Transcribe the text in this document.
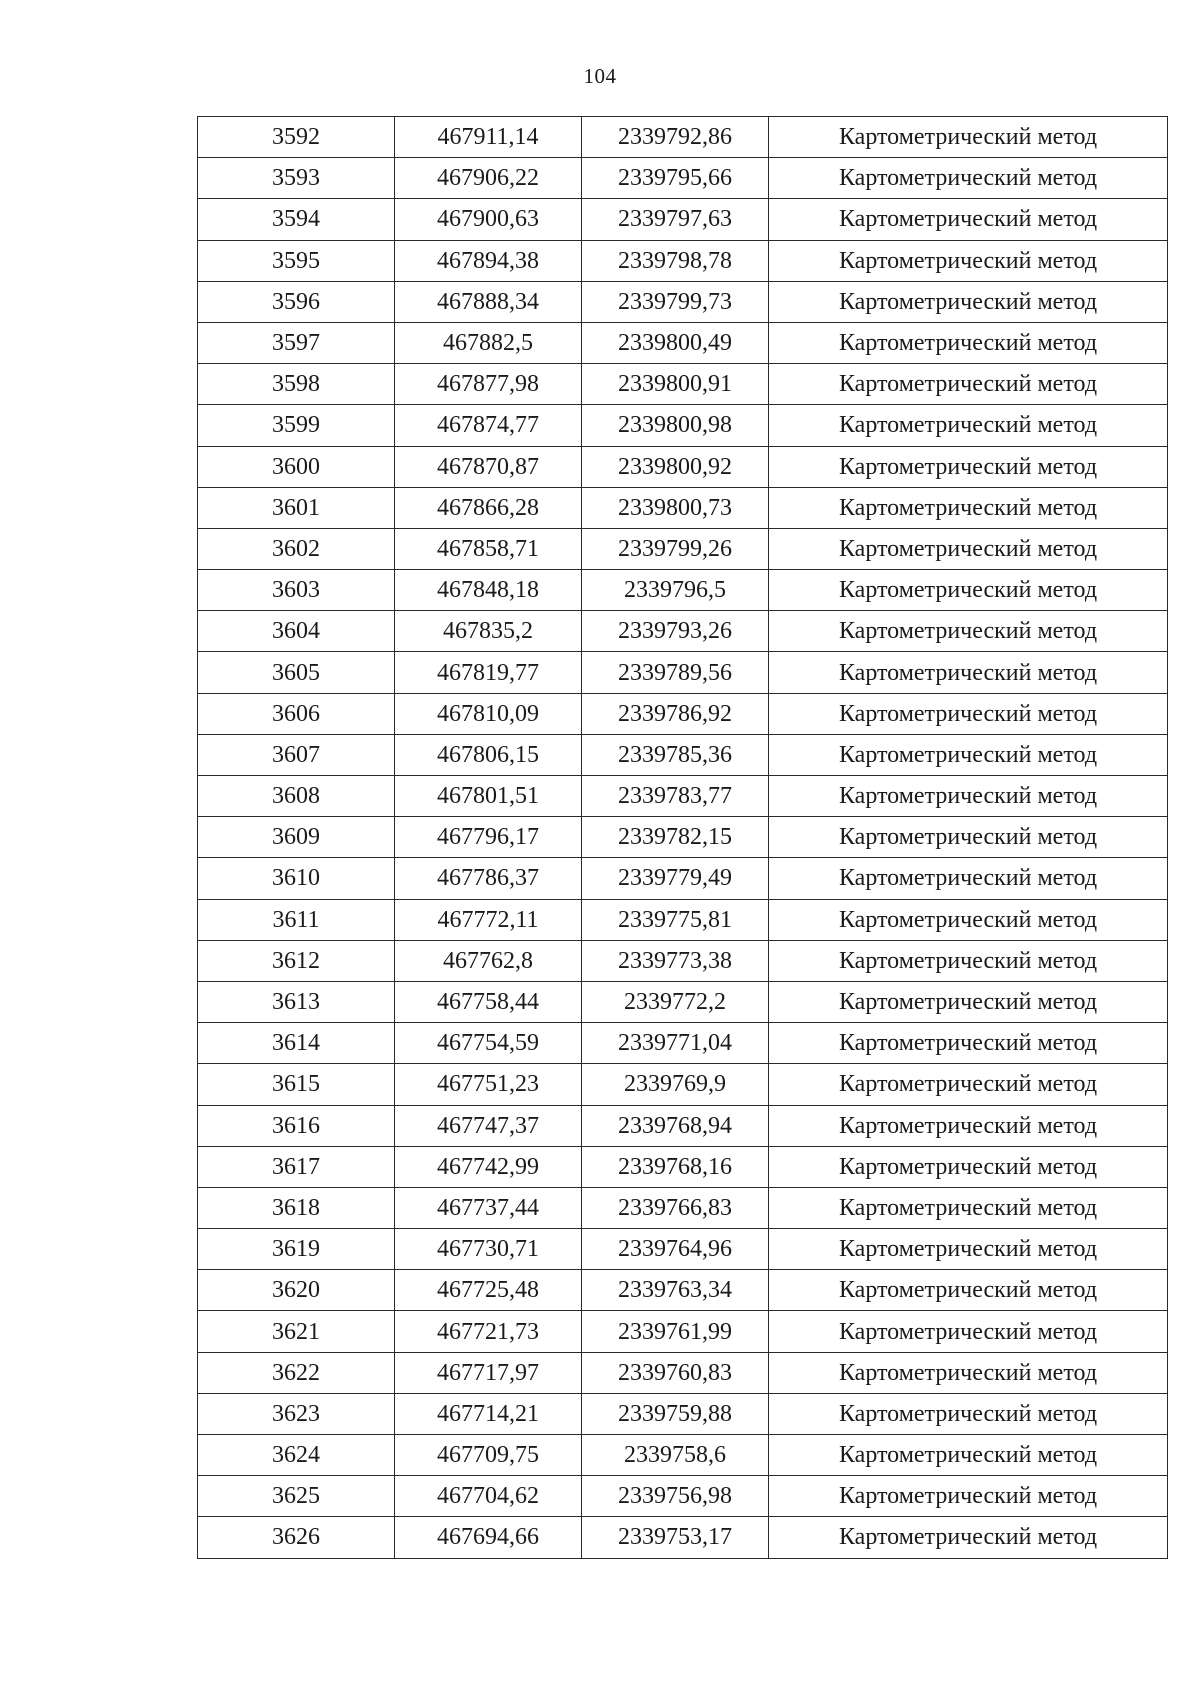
104
3592	467911,14	2339792,86	Картометрический метод
3593	467906,22	2339795,66	Картометрический метод
3594	467900,63	2339797,63	Картометрический метод
3595	467894,38	2339798,78	Картометрический метод
3596	467888,34	2339799,73	Картометрический метод
3597	467882,5	2339800,49	Картометрический метод
3598	467877,98	2339800,91	Картометрический метод
3599	467874,77	2339800,98	Картометрический метод
3600	467870,87	2339800,92	Картометрический метод
3601	467866,28	2339800,73	Картометрический метод
3602	467858,71	2339799,26	Картометрический метод
3603	467848,18	2339796,5	Картометрический метод
3604	467835,2	2339793,26	Картометрический метод
3605	467819,77	2339789,56	Картометрический метод
3606	467810,09	2339786,92	Картометрический метод
3607	467806,15	2339785,36	Картометрический метод
3608	467801,51	2339783,77	Картометрический метод
3609	467796,17	2339782,15	Картометрический метод
3610	467786,37	2339779,49	Картометрический метод
3611	467772,11	2339775,81	Картометрический метод
3612	467762,8	2339773,38	Картометрический метод
3613	467758,44	2339772,2	Картометрический метод
3614	467754,59	2339771,04	Картометрический метод
3615	467751,23	2339769,9	Картометрический метод
3616	467747,37	2339768,94	Картометрический метод
3617	467742,99	2339768,16	Картометрический метод
3618	467737,44	2339766,83	Картометрический метод
3619	467730,71	2339764,96	Картометрический метод
3620	467725,48	2339763,34	Картометрический метод
3621	467721,73	2339761,99	Картометрический метод
3622	467717,97	2339760,83	Картометрический метод
3623	467714,21	2339759,88	Картометрический метод
3624	467709,75	2339758,6	Картометрический метод
3625	467704,62	2339756,98	Картометрический метод
3626	467694,66	2339753,17	Картометрический метод
